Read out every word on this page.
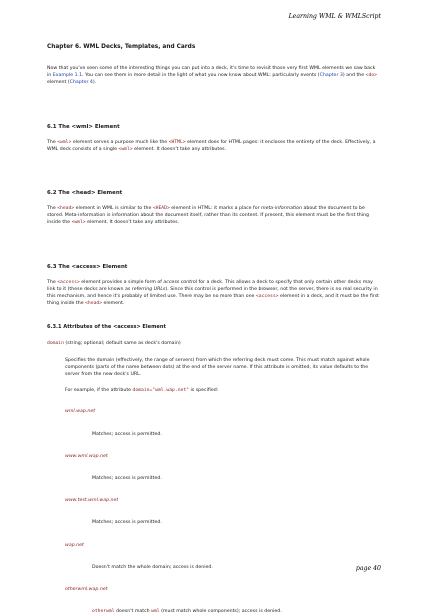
Learning WML & WMLScript
Chapter 6. WML Decks, Templates, and Cards

Now that you've seen some of the interesting things you can put into a deck, it's time to revisit those very first WML elements we saw back in Example 1.1. You can see them in more detail in the light of what you now know about WML: particularly events (Chapter 3) and the <do> element (Chapter 4).

6.1 The <wml> Element

The <wml> element serves a purpose much like the <HTML> element does for HTML pages: it encloses the entirety of the deck. Effectively, a WML deck consists of a single <wml> element. It doesn't take any attributes.

6.2 The <head> Element

The <head> element in WML is similar to the <HEAD> element in HTML: it marks a place for meta-information about the document to be stored. Meta-information is information about the document itself, rather than its content. If present, this element must be the first thing inside the <wml> element. It doesn't take any attributes.

6.3 The <access> Element

The <access> element provides a simple form of access control for a deck. This allows a deck to specify that only certain other decks may link to it (these decks are known as referring URLs). Since this control is performed in the browser, not the server, there is no real security in this mechanism, and hence it's probably of limited use. There may be no more than one <access> element in a deck, and it must be the first thing inside the <head> element.

6.3.1 Attributes of the <access> Element

domain (string; optional; default same as deck's domain)

Specifies the domain (effectively, the range of servers) from which the referring deck must come. This must match against whole components (parts of the name between dots) at the end of the server name. If this attribute is omitted, its value defaults to the server from the new deck's URL.

For example, if the attribute domain="wml.wap.net" is specified:

wml.wap.net
Matches; access is permitted.
www.wml.wap.net
Matches; access is permitted.
www.test.wml.wap.net
Matches; access is permitted.
wap.net
Doesn't match the whole domain; access is denied.
otherwml.wap.net
otherwml doesn't match wml (must match whole components); access is denied.
page 40
